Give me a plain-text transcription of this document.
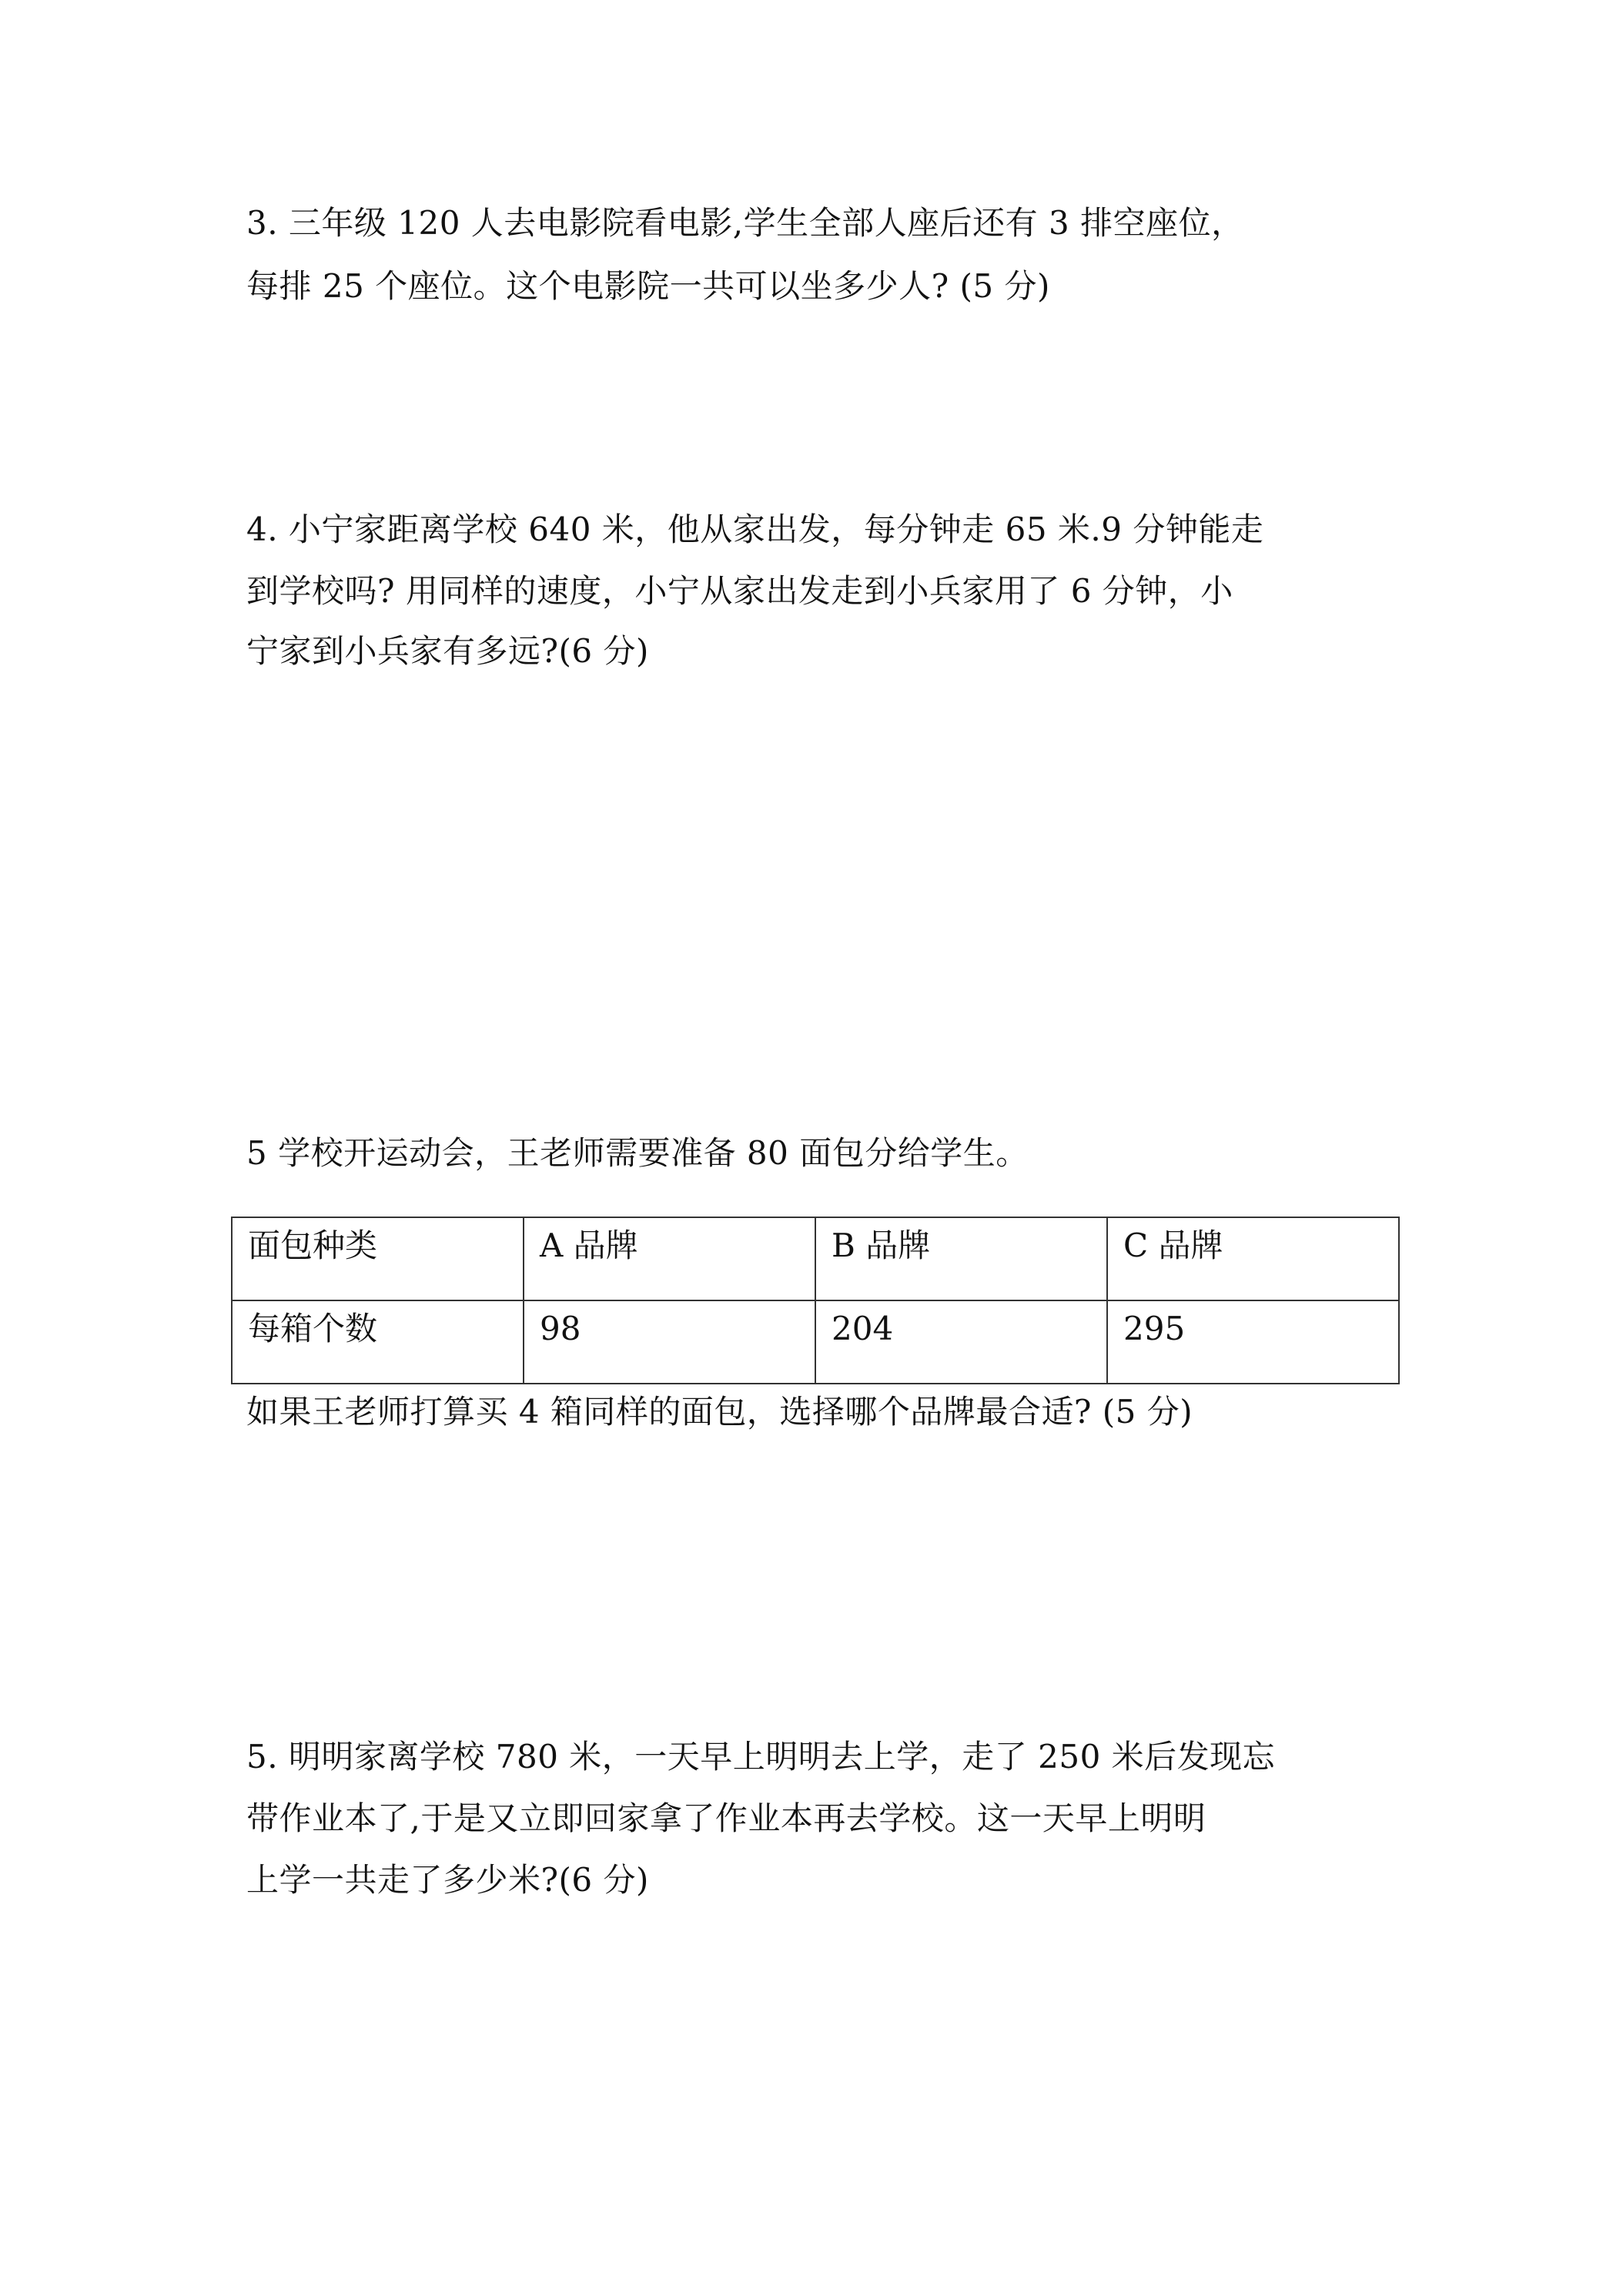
3. 三年级 120 人去电影院看电影,学生全部人座后还有 3 排空座位，
每排 25 个座位。这个电影院一共可以坐多少人? (5 分)
4. 小宁家距离学校 640 米，他从家出发，每分钟走 65 米.9 分钟能走
到学校吗? 用同样的速度，小宁从家出发走到小兵家用了 6 分钟，小
宁家到小兵家有多远?(6 分)
5 学校开运动会，王老师需要准备 80 面包分给学生。
面包种类	A 品牌	B 品牌	C 品牌
每箱个数	98	204	295
如果王老师打算买 4 箱同样的面包，选择哪个品牌最合适? (5 分)
5. 明明家离学校 780 米，一天早上明明去上学，走了 250 米后发现忘
带作业本了,于是又立即回家拿了作业本再去学校。这一天早上明明
上学一共走了多少米?(6 分)
